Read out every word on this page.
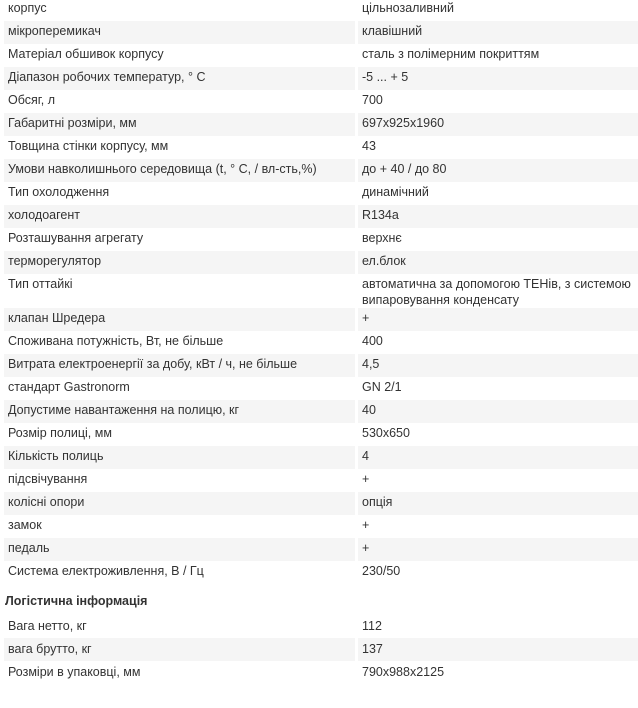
корпус	цільнозаливний
мікроперемикач	клавішний
Матеріал обшивок корпусу	сталь з полімерним покриттям
Діапазон робочих температур, ° С	-5 ... + 5
Обсяг, л	700
Габаритні розміри, мм	697x925x1960
Товщина стінки корпусу, мм	43
Умови навколишнього середовища (t, ° С, / вл-сть,%)	до + 40 / до 80
Тип охолодження	динамічний
холодоагент	R134a
Розташування агрегату	верхнє
терморегулятор	ел.блок
Тип оттайкі	автоматична за допомогою ТЕНів, з системою випаровування конденсату
клапан Шредера	+
Споживана потужність, Вт, не більше	400
Витрата електроенергії за добу, кВт / ч, не більше	4,5
стандарт Gastronorm	GN 2/1
Допустиме навантаження на полицю, кг	40
Розмір полиці, мм	530x650
Кількість полиць	4
підсвічування	+
колісні опори	опція
замок	+
педаль	+
Система електроживлення, В / Гц	230/50
Логістична інформація
Вага нетто, кг	112
вага брутто, кг	137
Розміри в упаковці, мм	790x988x2125
